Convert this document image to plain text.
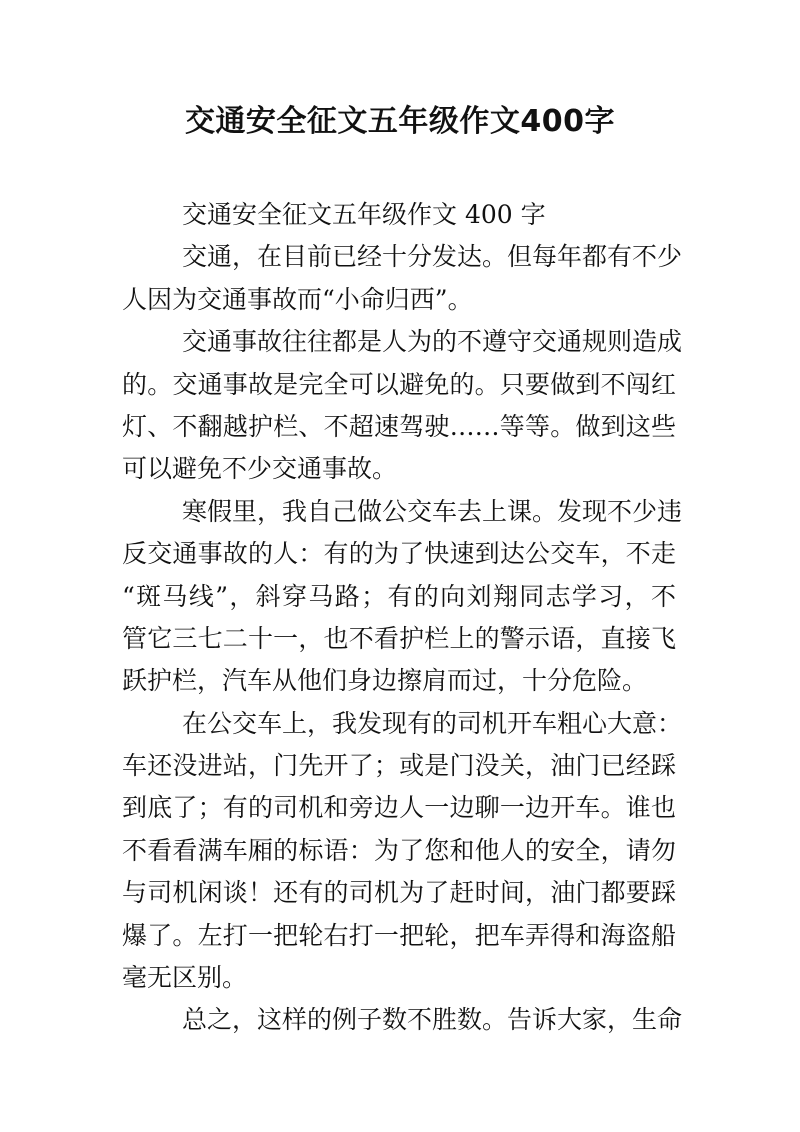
交通安全征文五年级作文400字
交通安全征文五年级作文 400 字
交通，在目前已经十分发达。但每年都有不少
人因为交通事故而“小命归西”。
交通事故往往都是人为的不遵守交通规则造成
的。交通事故是完全可以避免的。只要做到不闯红
灯、不翻越护栏、不超速驾驶……等等。做到这些
可以避免不少交通事故。
寒假里，我自己做公交车去上课。发现不少违
反交通事故的人：有的为了快速到达公交车，不走
“斑马线”，斜穿马路；有的向刘翔同志学习，不
管它三七二十一，也不看护栏上的警示语，直接飞
跃护栏，汽车从他们身边擦肩而过，十分危险。
在公交车上，我发现有的司机开车粗心大意：
车还没进站，门先开了；或是门没关，油门已经踩
到底了；有的司机和旁边人一边聊一边开车。谁也
不看看满车厢的标语：为了您和他人的安全，请勿
与司机闲谈！还有的司机为了赶时间，油门都要踩
爆了。左打一把轮右打一把轮，把车弄得和海盗船
毫无区别。
总之，这样的例子数不胜数。告诉大家，生命
